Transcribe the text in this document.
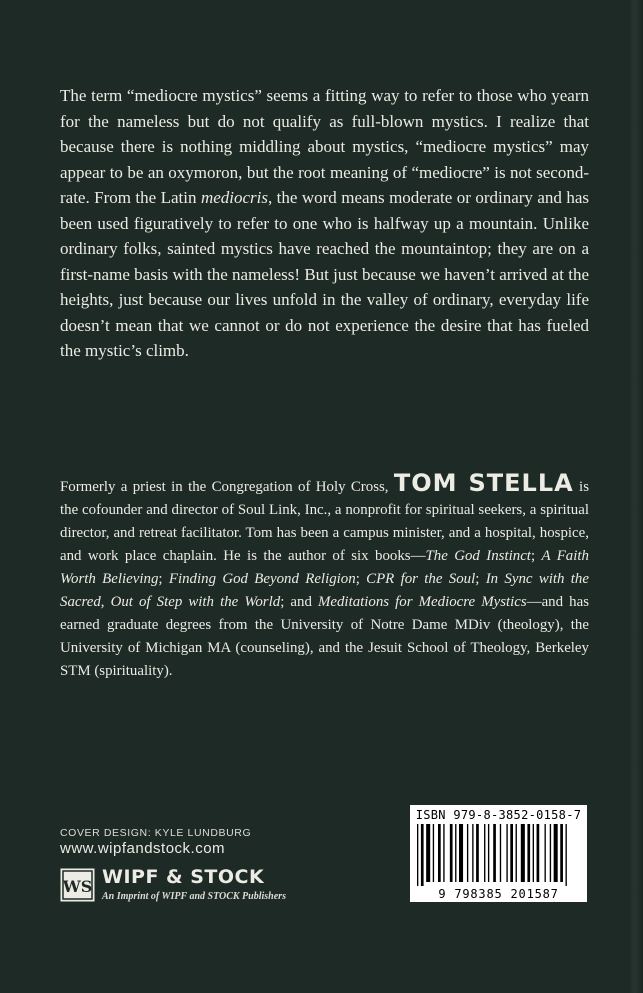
The term “mediocre mystics” seems a fitting way to refer to those who yearn for the nameless but do not qualify as full-blown mystics. I realize that because there is nothing middling about mystics, “mediocre mystics” may appear to be an oxymoron, but the root meaning of “mediocre” is not second-rate. From the Latin mediocris, the word means moderate or ordinary and has been used figuratively to refer to one who is halfway up a mountain. Unlike ordinary folks, sainted mystics have reached the mountaintop; they are on a first-name basis with the nameless! But just because we haven’t arrived at the heights, just because our lives unfold in the valley of ordinary, everyday life doesn’t mean that we cannot or do not experience the desire that has fueled the mystic’s climb.

Formerly a priest in the Congregation of Holy Cross, TOM STELLA is the cofounder and director of Soul Link, Inc., a nonprofit for spiritual seekers, a spiritual director, and retreat facilitator. Tom has been a campus minister, and a hospital, hospice, and work place chaplain. He is the author of six books—The God Instinct; A Faith Worth Believing; Finding God Beyond Religion; CPR for the Soul; In Sync with the Sacred, Out of Step with the World; and Meditations for Mediocre Mystics—and has earned graduate degrees from the University of Notre Dame MDiv (theology), the University of Michigan MA (counseling), and the Jesuit School of Theology, Berkeley STM (spirituality).

COVER DESIGN: KYLE LUNDBURG
www.wipfandstock.com
WS WIPF & STOCK
An Imprint of WIPF and STOCK Publishers
ISBN 979-8-3852-0158-7
9 798385 201587
